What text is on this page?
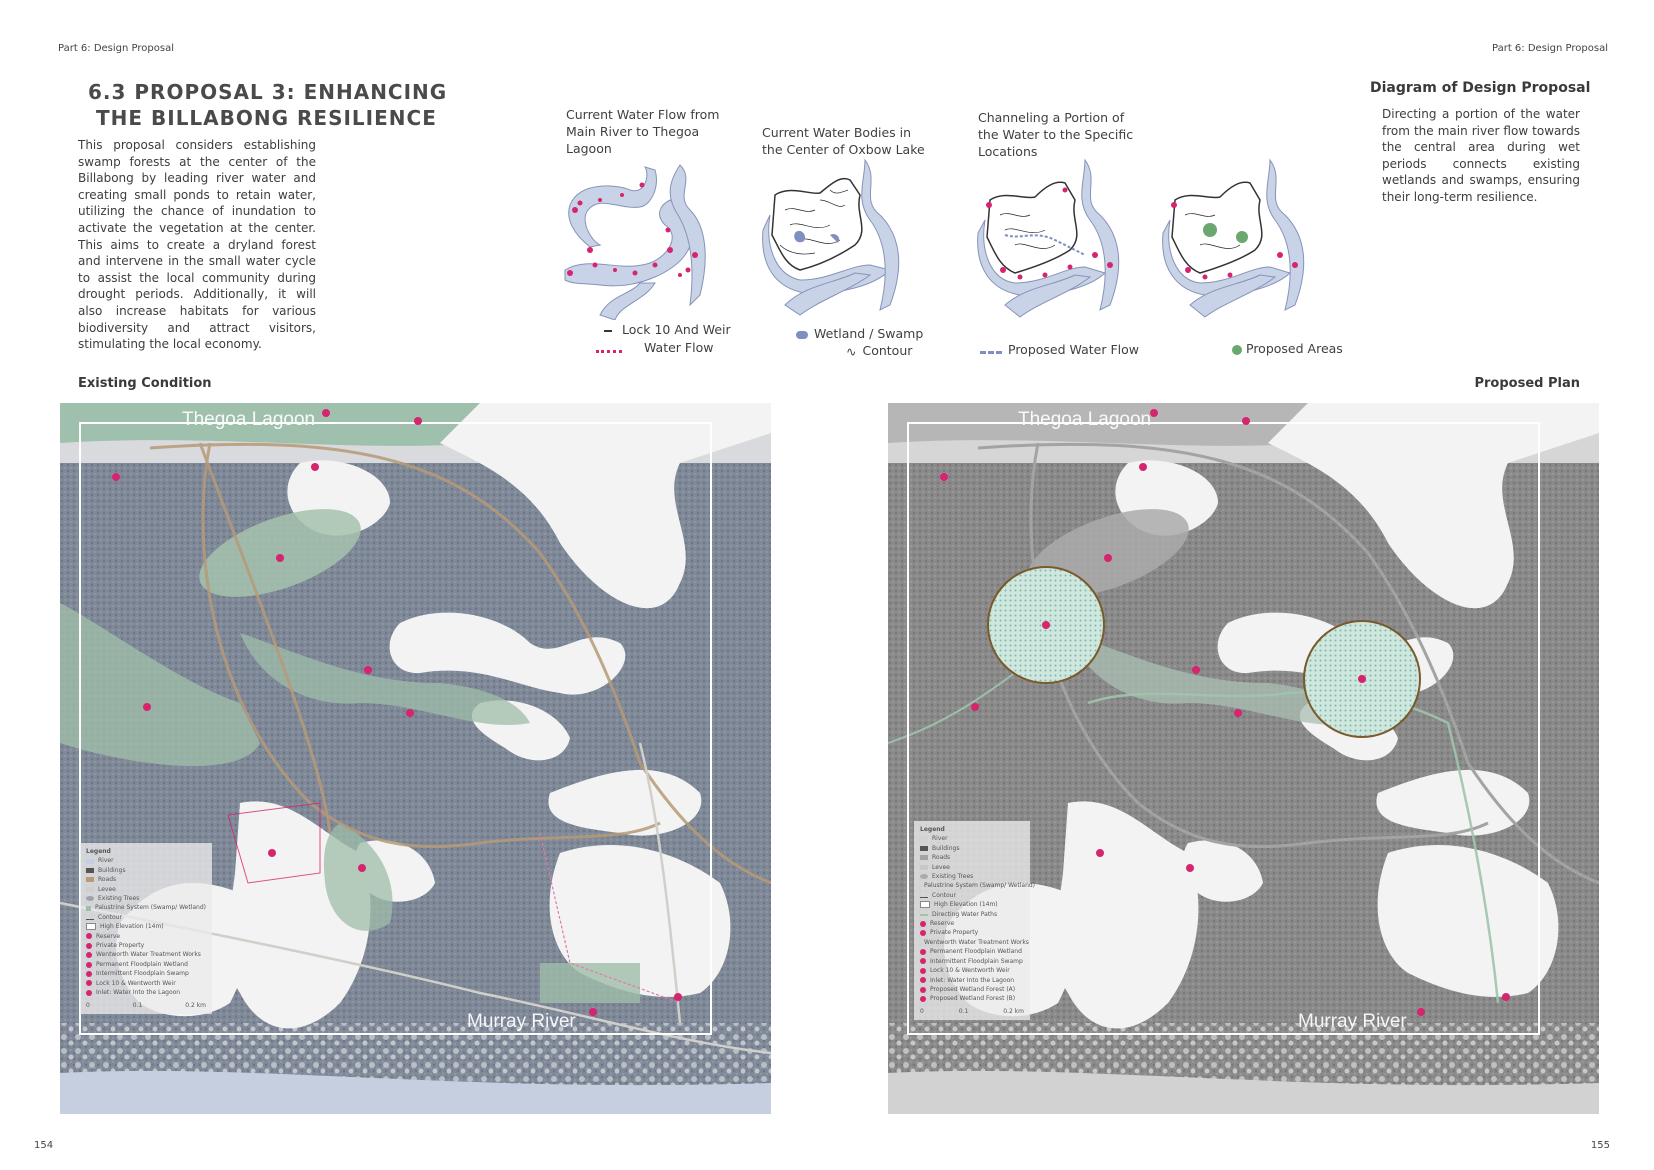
Part 6: Design Proposal	Part 6: Design Proposal
6.3 PROPOSAL 3: ENHANCING
THE BILLABONG RESILIENCE
This proposal considers establishing swamp forests at the center of the Billabong by leading river water and creating small ponds to retain water, utilizing the chance of inundation to activate the vegetation at the center. This aims to create a dryland forest and intervene in the small water cycle to assist the local community during drought periods. Additionally, it will also increase habitats for various biodiversity and attract visitors, stimulating the local economy.
Current Water Flow from Main River to Thegoa Lagoon
Current Water Bodies in the Center of Oxbow Lake
Channeling a Portion of the Water to the Specific Locations
Diagram of Design Proposal
Directing a portion of the water from the main river flow towards the central area during wet periods connects existing wetlands and swamps, ensuring their long-term resilience.
Lock 10 And Weir
Water Flow
Wetland / Swamp
∿ Contour	Proposed Water Flow	Proposed Areas
Existing Condition	Proposed Plan
Thegoa Lagoon
Murray River
Legend
River
Buildings
Roads
Levee
Existing Trees
Palustrine System (Swamp/ Wetland)
Contour
High Elevation (14m)
Reserve
Private Property
Wentworth Water Treatment Works
Permanent Floodplain Wetland
Intermittent Floodplain Swamp
Lock 10 & Wentworth Weir
Inlet: Water Into the Lagoon
0	0.1	0.2 km
Thegoa Lagoon
Murray River
Legend
River
Buildings
Roads
Levee
Existing Trees
Palustrine System (Swamp/ Wetland)
Contour
High Elevation (14m)
Directing Water Paths
Reserve
Private Property
Wentworth Water Treatment Works
Permanent Floodplain Wetland
Intermittent Floodplain Swamp
Lock 10 & Wentworth Weir
Inlet: Water Into the Lagoon
Proposed Wetland Forest (A)
Proposed Wetland Forest (B)
0	0.1	0.2 km
154	155
